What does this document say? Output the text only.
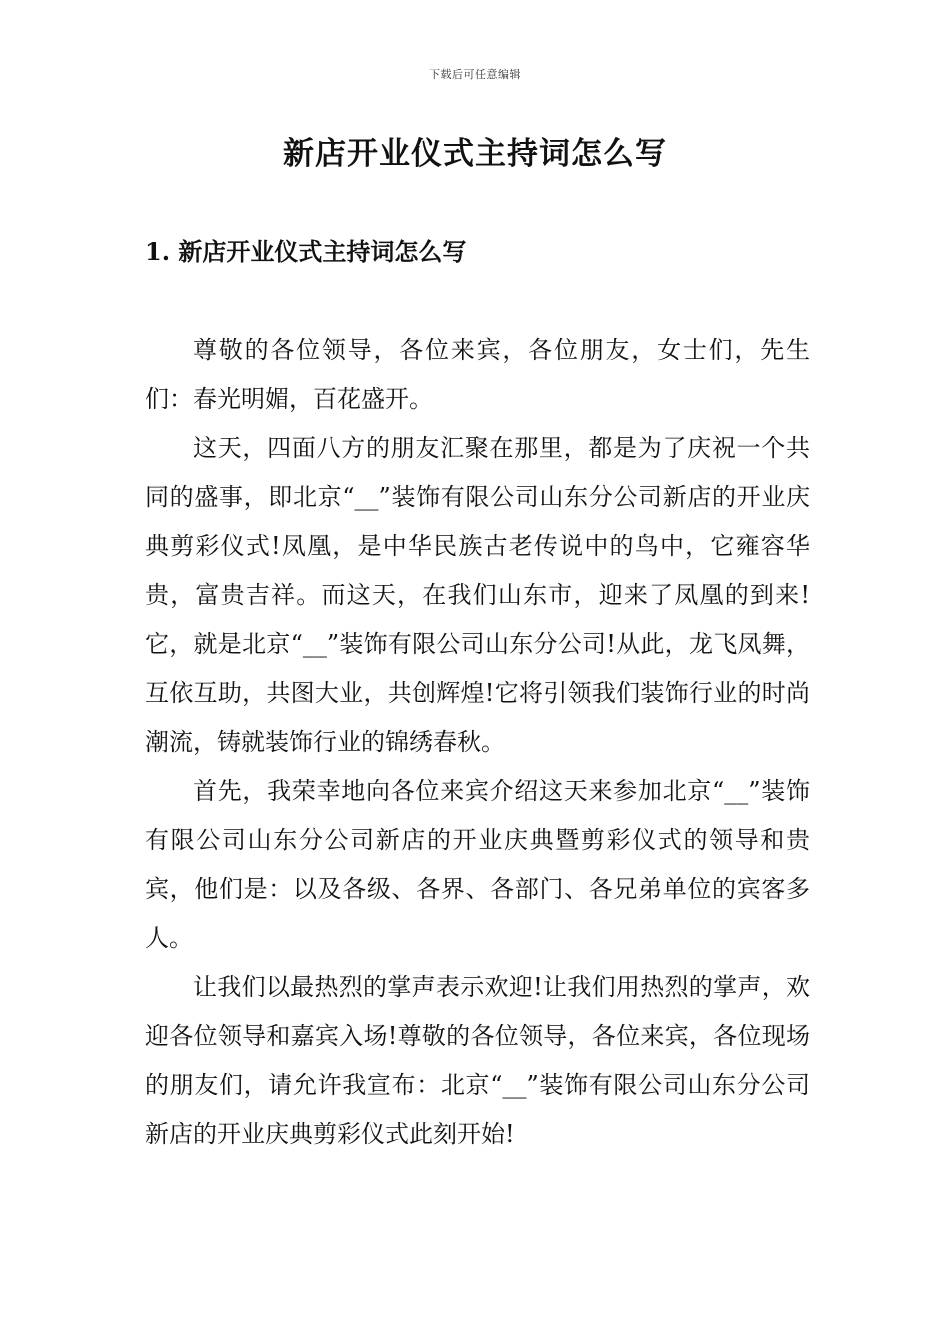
下载后可任意编辑
新店开业仪式主持词怎么写
1. 新店开业仪式主持词怎么写

尊敬的各位领导，各位来宾，各位朋友，女士们，先生们：春光明媚，百花盛开。

这天，四面八方的朋友汇聚在那里，都是为了庆祝一个共同的盛事，即北京“__”装饰有限公司山东分公司新店的开业庆典剪彩仪式!凤凰，是中华民族古老传说中的鸟中，它雍容华贵，富贵吉祥。而这天，在我们山东市，迎来了凤凰的到来!它，就是北京“__”装饰有限公司山东分公司!从此，龙飞凤舞，互依互助，共图大业，共创辉煌!它将引领我们装饰行业的时尚潮流，铸就装饰行业的锦绣春秋。

首先，我荣幸地向各位来宾介绍这天来参加北京“__”装饰有限公司山东分公司新店的开业庆典暨剪彩仪式的领导和贵宾，他们是：以及各级、各界、各部门、各兄弟单位的宾客多人。

让我们以最热烈的掌声表示欢迎!让我们用热烈的掌声，欢迎各位领导和嘉宾入场!尊敬的各位领导，各位来宾，各位现场的朋友们，请允许我宣布：北京“__”装饰有限公司山东分公司新店的开业庆典剪彩仪式此刻开始!
